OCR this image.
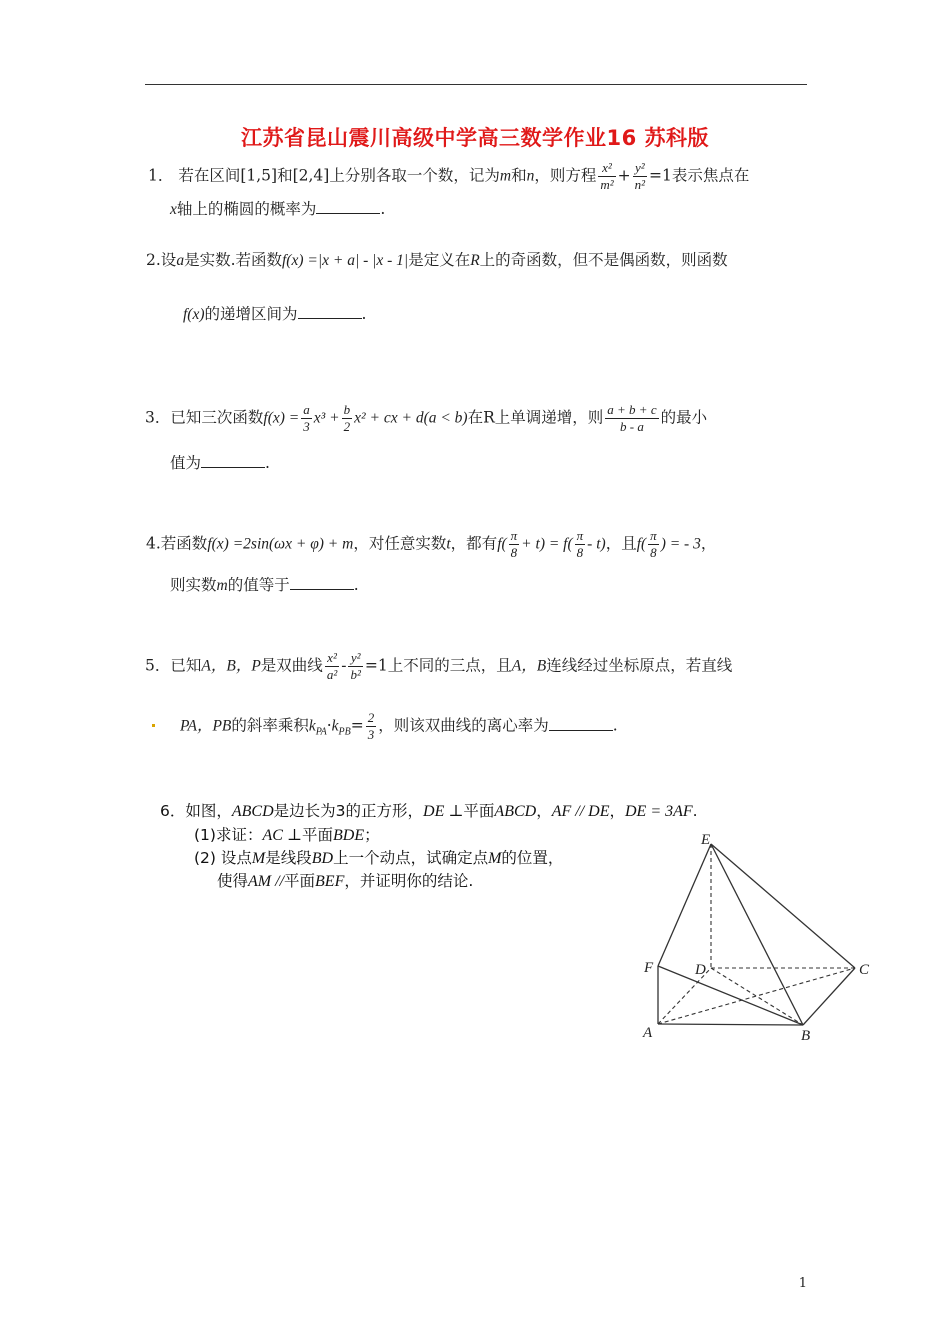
江苏省昆山震川高级中学高三数学作业16 苏科版
1． 若在区间[1,5]和[2,4]上分别各取一个数，记为m和n，则方程 $\frac{\text{x²}}{\text{m²}} + \frac{\text{y²}}{\text{n²}} =1$表示焦点在
x轴上的椭圆的概率为	.
2.设a是实数.若函数f(x) =|x + a| - |x - 1|是定义在R上的奇函数，但不是偶函数，则函数
f(x)的递增区间为	.
3．已知三次函数$f(x) = \frac{a}{3} x^3 + \frac{b}{2} x^2$ + cx + d(a < b)在R上单调递增，则 $\frac{a + b + c}{b - a}$ 的最小
值为	.
4.若函数f(x) =2sin(ωx + φ) + m，对任意实数t，都有$f( \frac{\pi}{8} + t) = f( \frac{\pi}{8} - t)$，且$f( \frac{\pi}{8}$ ) = - 3，
则实数m的值等于	.
5．已知A，B，P是双曲线 $\frac{\text{x²}}{\text{a²}} - \frac{\text{y²}}{\text{b²}} =1$上不同的三点，且A，B连线经过坐标原点，若直线
PA，PB的斜率乘积$k_{PA}\cdot k_{PB}= \frac{2}{3}$ ，则该双曲线的离心率为	.
6．如图，ABCD是边长为3的正方形，DE ⊥平面ABCD，AF // DE，DE = 3AF.
(1)求证：AC ⊥平面BDE；
(2) 设点M是线段BD上一个动点，试确定点M的位置，
使得AM //平面BEF，并证明你的结论.
E
F	D	C
A	B
1
